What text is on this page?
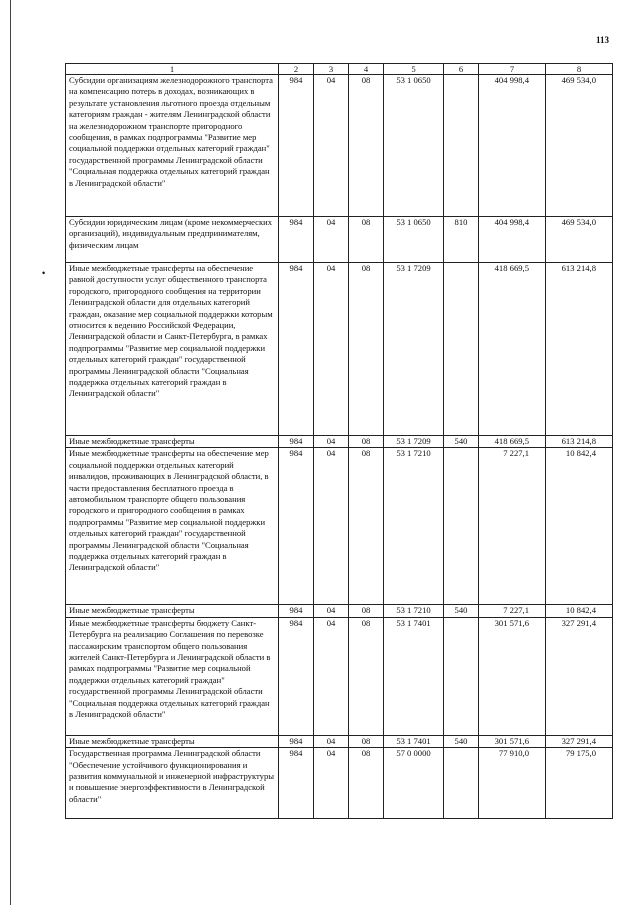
113
•
1	2	3	4	5	6	7	8
Субсидии организациям железнодорожного транспорта на компенсацию потерь в доходах, возникающих в результате установления льготного проезда отдельным категориям граждан - жителям Ленинградской области на железнодорожном транспорте пригородного сообщения, в рамках подпрограммы "Развитие мер социальной поддержки отдельных категорий граждан" государственной программы Ленинградской области "Социальная поддержка отдельных категорий граждан в Ленинградской области"	984	04	08	53 1 0650		404 998,4	469 534,0
Субсидии юридическим лицам (кроме некоммерческих организаций), индивидуальным предпринимателям, физическим лицам	984	04	08	53 1 0650	810	404 998,4	469 534,0
Иные межбюджетные трансферты на обеспечение равной доступности услуг общественного транспорта городского, пригородного сообщения на территории Ленинградской области для отдельных категорий граждан, оказание мер социальной поддержки которым относится к ведению Российской Федерации, Ленинградской области и Санкт-Петербурга, в рамках подпрограммы "Развитие мер социальной поддержки отдельных категорий граждан" государственной программы Ленинградской области "Социальная поддержка отдельных категорий граждан в Ленинградской области"	984	04	08	53 1 7209		418 669,5	613 214,8
Иные межбюджетные трансферты	984	04	08	53 1 7209	540	418 669,5	613 214,8
Иные межбюджетные трансферты на обеспечение мер социальной поддержки отдельных категорий инвалидов, проживающих в Ленинградской области, в части предоставления бесплатного проезда в автомобильном транспорте общего пользования городского и пригородного сообщения в рамках подпрограммы "Развитие мер социальной поддержки отдельных категорий граждан" государственной программы Ленинградской области "Социальная поддержка отдельных категорий граждан в Ленинградской области"	984	04	08	53 1 7210		7 227,1	10 842,4
Иные межбюджетные трансферты	984	04	08	53 1 7210	540	7 227,1	10 842,4
Иные межбюджетные трансферты бюджету Санкт-Петербурга на реализацию Соглашения по перевозке пассажирским транспортом общего пользования жителей Санкт-Петербурга и Ленинградской области в рамках подпрограммы "Развитие мер социальной поддержки отдельных категорий граждан" государственной программы Ленинградской области "Социальная поддержка отдельных категорий граждан в Ленинградской области"	984	04	08	53 1 7401		301 571,6	327 291,4
Иные межбюджетные трансферты	984	04	08	53 1 7401	540	301 571,6	327 291,4
Государственная программа Ленинградской области "Обеспечение устойчивого функционирования и развития коммунальной и инженерной инфраструктуры и повышение энергоэффективности в Ленинградской области"	984	04	08	57 0 0000		77 910,0	79 175,0
